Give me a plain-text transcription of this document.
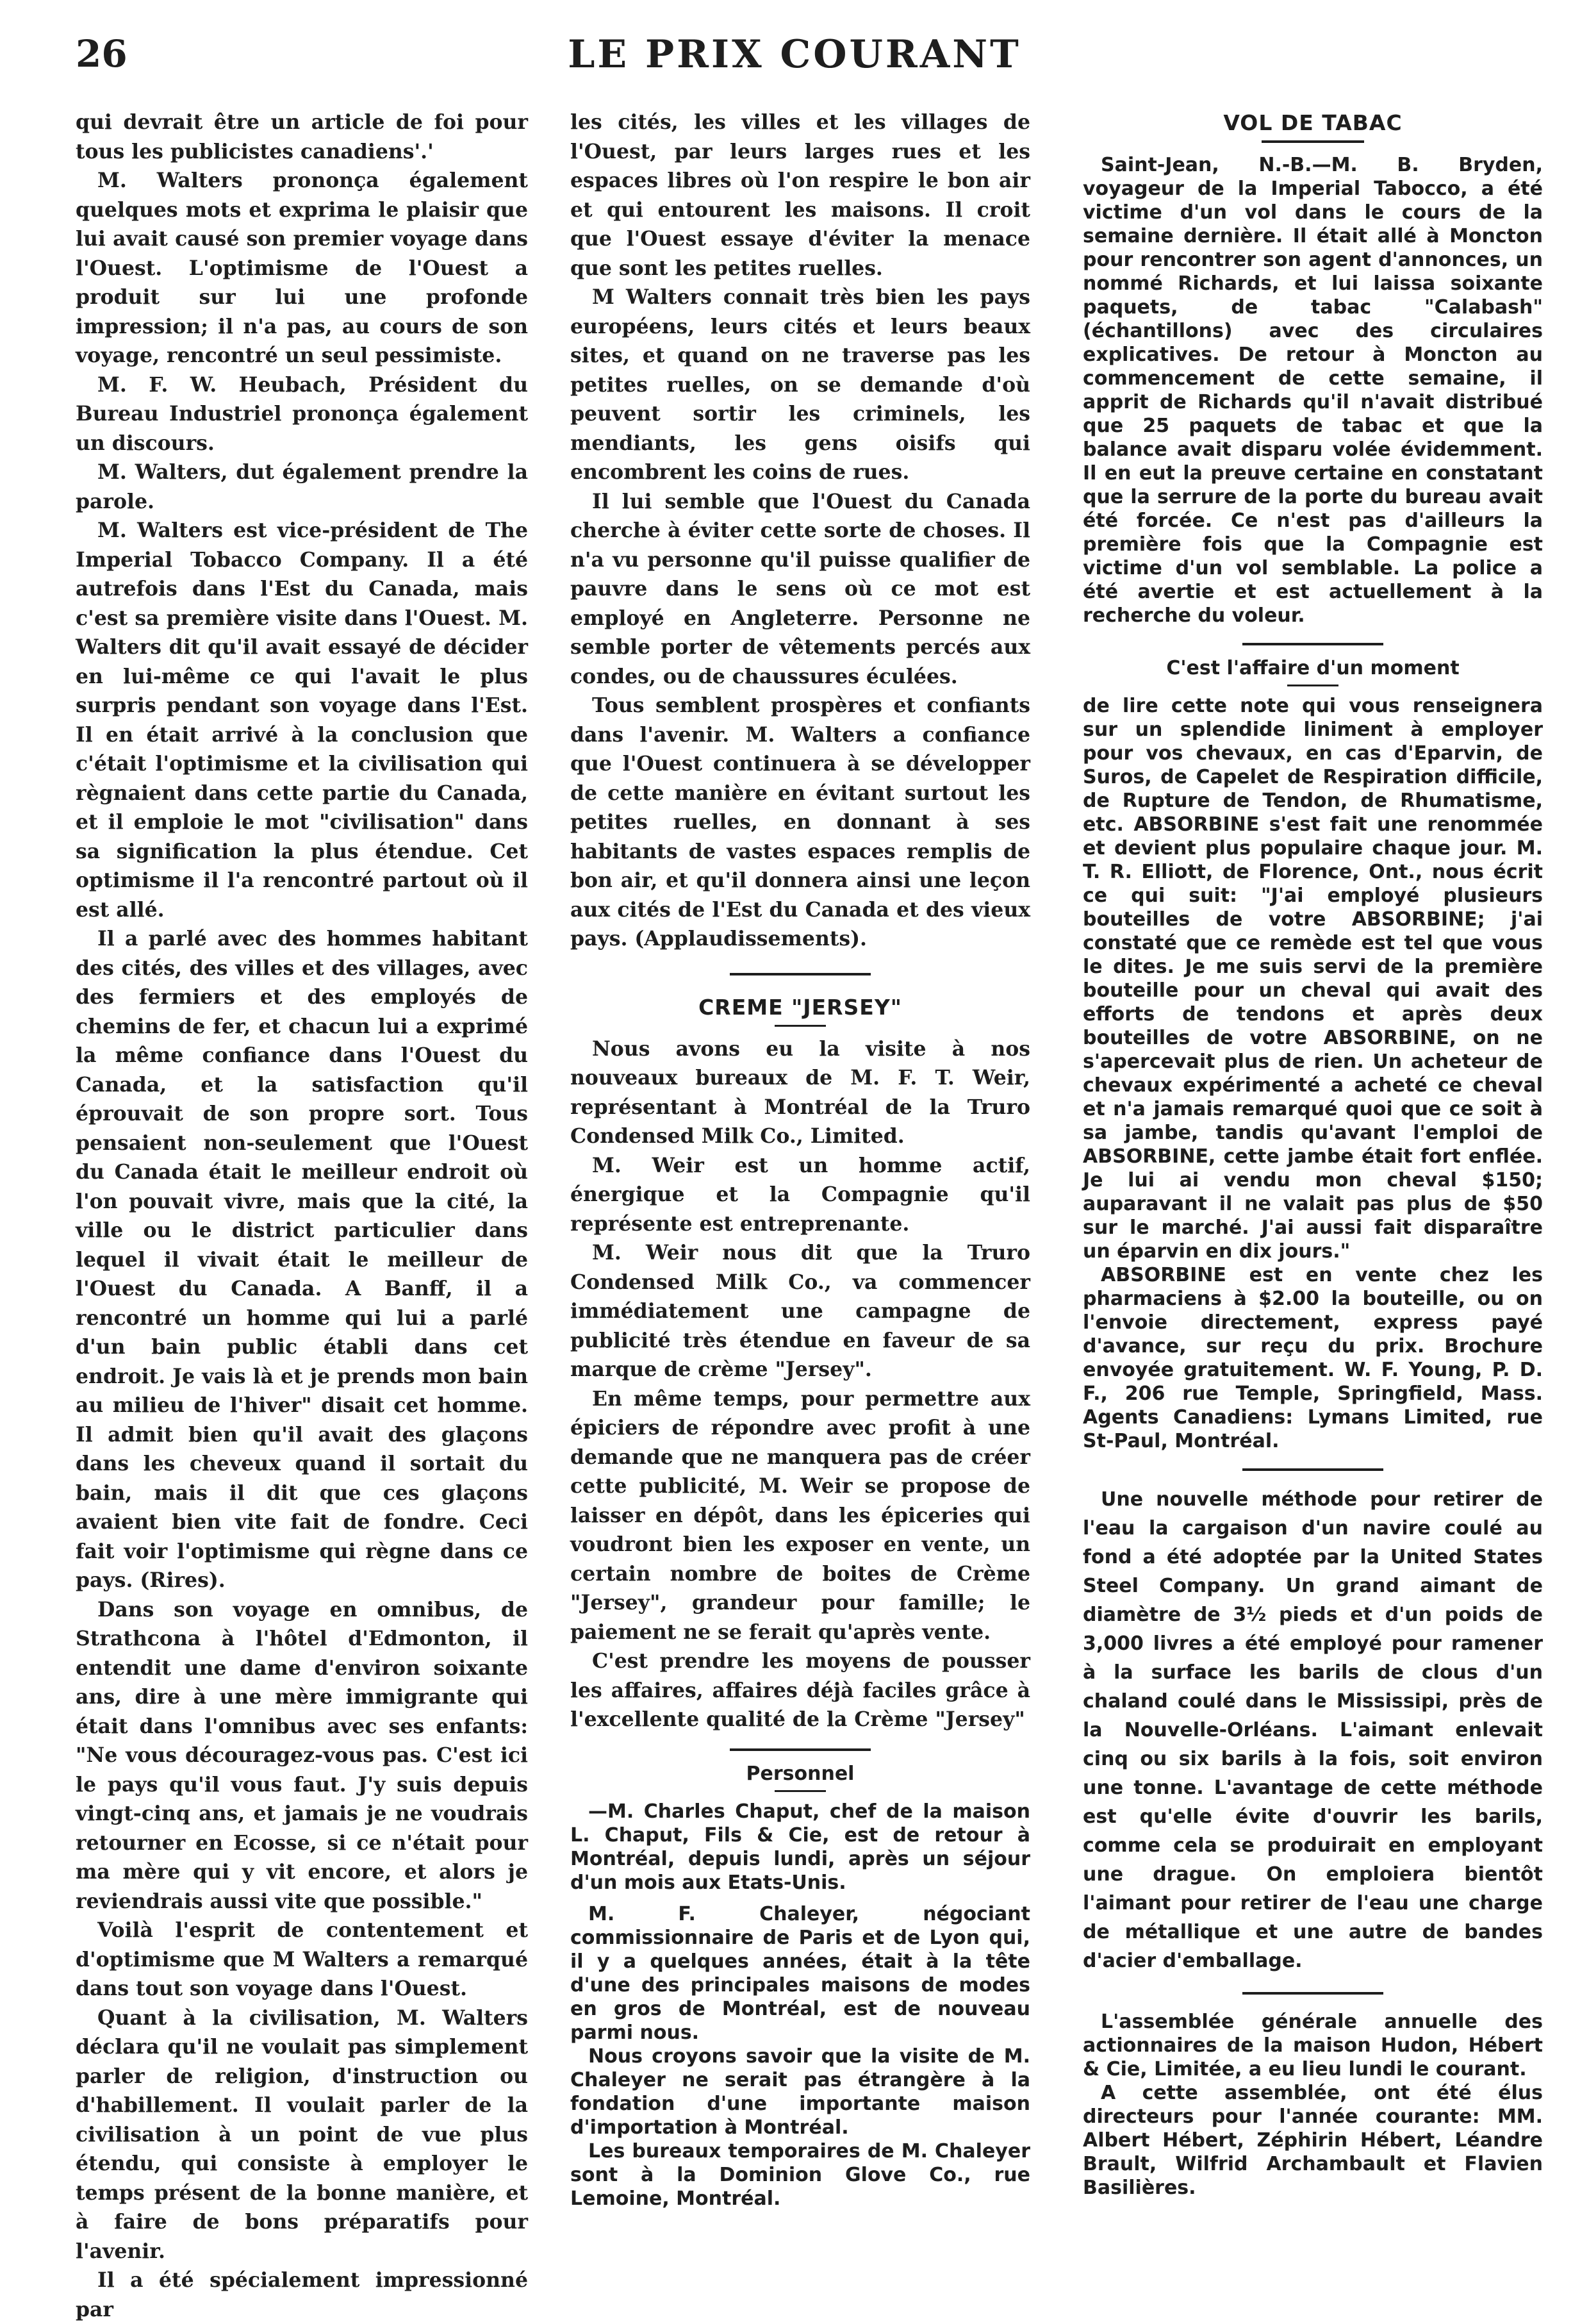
26	LE PRIX COURANT

qui devrait être un article de foi pour tous les publicistes canadiens'.'

M. Walters prononça également quelques mots et exprima le plaisir que lui avait causé son premier voyage dans l'Ouest. L'optimisme de l'Ouest a produit sur lui une profonde impression; il n'a pas, au cours de son voyage, rencontré un seul pessimiste.

M. F. W. Heubach, Président du Bureau Industriel prononça également un discours.

M. Walters, dut également prendre la parole.

M. Walters est vice-président de The Imperial Tobacco Company. Il a été autrefois dans l'Est du Canada, mais c'est sa première visite dans l'Ouest. M. Walters dit qu'il avait essayé de décider en lui-même ce qui l'avait le plus surpris pendant son voyage dans l'Est. Il en était arrivé à la conclusion que c'était l'optimisme et la civilisation qui règnaient dans cette partie du Canada, et il emploie le mot "civilisation" dans sa signification la plus étendue. Cet optimisme il l'a rencontré partout où il est allé.

Il a parlé avec des hommes habitant des cités, des villes et des villages, avec des fermiers et des employés de chemins de fer, et chacun lui a exprimé la même confiance dans l'Ouest du Canada, et la satisfaction qu'il éprouvait de son propre sort. Tous pensaient non-seulement que l'Ouest du Canada était le meilleur endroit où l'on pouvait vivre, mais que la cité, la ville ou le district particulier dans lequel il vivait était le meilleur de l'Ouest du Canada. A Banff, il a rencontré un homme qui lui a parlé d'un bain public établi dans cet endroit. Je vais là et je prends mon bain au milieu de l'hiver" disait cet homme. Il admit bien qu'il avait des glaçons dans les cheveux quand il sortait du bain, mais il dit que ces glaçons avaient bien vite fait de fondre. Ceci fait voir l'optimisme qui règne dans ce pays. (Rires).

Dans son voyage en omnibus, de Strathcona à l'hôtel d'Edmonton, il entendit une dame d'environ soixante ans, dire à une mère immigrante qui était dans l'omnibus avec ses enfants: "Ne vous découragez-vous pas. C'est ici le pays qu'il vous faut. J'y suis depuis vingt-cinq ans, et jamais je ne voudrais retourner en Ecosse, si ce n'était pour ma mère qui y vit encore, et alors je reviendrais aussi vite que possible."

Voilà l'esprit de contentement et d'optimisme que M Walters a remarqué dans tout son voyage dans l'Ouest.

Quant à la civilisation, M. Walters déclara qu'il ne voulait pas simplement parler de religion, d'instruction ou d'habillement. Il voulait parler de la civilisation à un point de vue plus étendu, qui consiste à employer le temps présent de la bonne manière, et à faire de bons préparatifs pour l'avenir.

Il a été spécialement impressionné par

les cités, les villes et les villages de l'Ouest, par leurs larges rues et les espaces libres où l'on respire le bon air et qui entourent les maisons. Il croit que l'Ouest essaye d'éviter la menace que sont les petites ruelles.

M Walters connait très bien les pays européens, leurs cités et leurs beaux sites, et quand on ne traverse pas les petites ruelles, on se demande d'où peuvent sortir les criminels, les mendiants, les gens oisifs qui encombrent les coins de rues.

Il lui semble que l'Ouest du Canada cherche à éviter cette sorte de choses. Il n'a vu personne qu'il puisse qualifier de pauvre dans le sens où ce mot est employé en Angleterre. Personne ne semble porter de vêtements percés aux condes, ou de chaussures éculées.

Tous semblent prospères et confiants dans l'avenir. M. Walters a confiance que l'Ouest continuera à se développer de cette manière en évitant surtout les petites ruelles, en donnant à ses habitants de vastes espaces remplis de bon air, et qu'il donnera ainsi une leçon aux cités de l'Est du Canada et des vieux pays. (Applaudissements).

CREME "JERSEY"

Nous avons eu la visite à nos nouveaux bureaux de M. F. T. Weir, représentant à Montréal de la Truro Condensed Milk Co., Limited.

M. Weir est un homme actif, énergique et la Compagnie qu'il représente est entreprenante.

M. Weir nous dit que la Truro Condensed Milk Co., va commencer immédiatement une campagne de publicité très étendue en faveur de sa marque de crème "Jersey".

En même temps, pour permettre aux épiciers de répondre avec profit à une demande que ne manquera pas de créer cette publicité, M. Weir se propose de laisser en dépôt, dans les épiceries qui voudront bien les exposer en vente, un certain nombre de boites de Crème "Jersey", grandeur pour famille; le paiement ne se ferait qu'après vente.

C'est prendre les moyens de pousser les affaires, affaires déjà faciles grâce à l'excellente qualité de la Crème "Jersey"

Personnel

—M. Charles Chaput, chef de la maison L. Chaput, Fils & Cie, est de retour à Montréal, depuis lundi, après un séjour d'un mois aux Etats-Unis.

M. F. Chaleyer, négociant commissionnaire de Paris et de Lyon qui, il y a quelques années, était à la tête d'une des principales maisons de modes en gros de Montréal, est de nouveau parmi nous.

Nous croyons savoir que la visite de M. Chaleyer ne serait pas étrangère à la fondation d'une importante maison d'importation à Montréal.

Les bureaux temporaires de M. Chaleyer sont à la Dominion Glove Co., rue Lemoine, Montréal.

VOL DE TABAC

Saint-Jean, N.-B.—M. B. Bryden, voyageur de la Imperial Tabocco, a été victime d'un vol dans le cours de la semaine dernière. Il était allé à Moncton pour rencontrer son agent d'annonces, un nommé Richards, et lui laissa soixante paquets, de tabac "Calabash" (échantillons) avec des circulaires explicatives. De retour à Moncton au commencement de cette semaine, il apprit de Richards qu'il n'avait distribué que 25 paquets de tabac et que la balance avait disparu volée évidemment. Il en eut la preuve certaine en constatant que la serrure de la porte du bureau avait été forcée. Ce n'est pas d'ailleurs la première fois que la Compagnie est victime d'un vol semblable. La police a été avertie et est actuellement à la recherche du voleur.

C'est l'affaire d'un moment

de lire cette note qui vous renseignera sur un splendide liniment à employer pour vos chevaux, en cas d'Eparvin, de Suros, de Capelet de Respiration difficile, de Rupture de Tendon, de Rhumatisme, etc. ABSORBINE s'est fait une renommée et devient plus populaire chaque jour. M. T. R. Elliott, de Florence, Ont., nous écrit ce qui suit: "J'ai employé plusieurs bouteilles de votre ABSORBINE; j'ai constaté que ce remède est tel que vous le dites. Je me suis servi de la première bouteille pour un cheval qui avait des efforts de tendons et après deux bouteilles de votre ABSORBINE, on ne s'apercevait plus de rien. Un acheteur de chevaux expérimenté a acheté ce cheval et n'a jamais remarqué quoi que ce soit à sa jambe, tandis qu'avant l'emploi de ABSORBINE, cette jambe était fort enflée. Je lui ai vendu mon cheval $150; auparavant il ne valait pas plus de $50 sur le marché. J'ai aussi fait disparaître un éparvin en dix jours."

ABSORBINE est en vente chez les pharmaciens à $2.00 la bouteille, ou on l'envoie directement, express payé d'avance, sur reçu du prix. Brochure envoyée gratuitement. W. F. Young, P. D. F., 206 rue Temple, Springfield, Mass. Agents Canadiens: Lymans Limited, rue St-Paul, Montréal.

Une nouvelle méthode pour retirer de l'eau la cargaison d'un navire coulé au fond a été adoptée par la United States Steel Company. Un grand aimant de diamètre de 3½ pieds et d'un poids de 3,000 livres a été employé pour ramener à la surface les barils de clous d'un chaland coulé dans le Mississipi, près de la Nouvelle-Orléans. L'aimant enlevait cinq ou six barils à la fois, soit environ une tonne. L'avantage de cette méthode est qu'elle évite d'ouvrir les barils, comme cela se produirait en employant une drague. On emploiera bientôt l'aimant pour retirer de l'eau une charge de métallique et une autre de bandes d'acier d'emballage.

L'assemblée générale annuelle des actionnaires de la maison Hudon, Hébert & Cie, Limitée, a eu lieu lundi le courant.

A cette assemblée, ont été élus directeurs pour l'année courante: MM. Albert Hébert, Zéphirin Hébert, Léandre Brault, Wilfrid Archambault et Flavien Basilières.
